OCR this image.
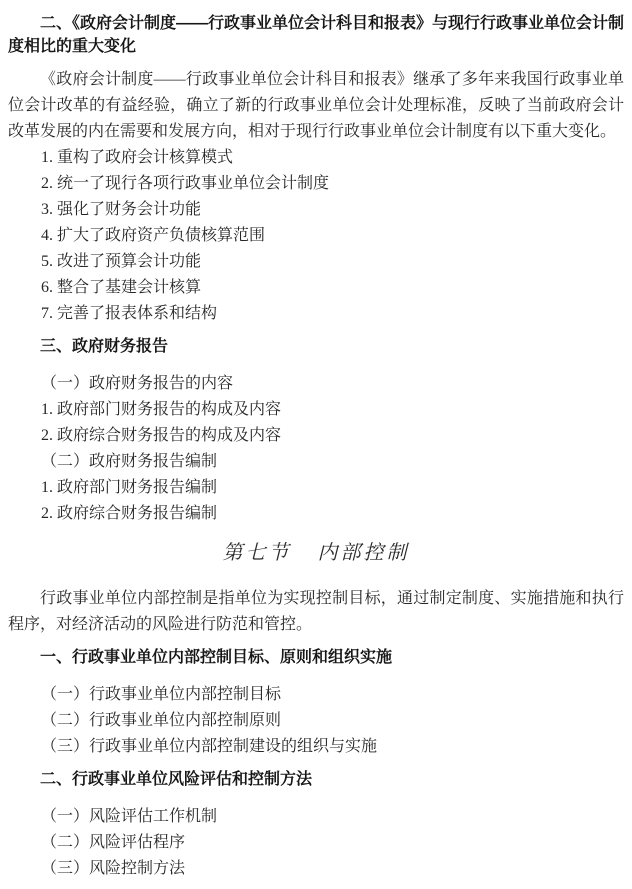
二、《政府会计制度——行政事业单位会计科目和报表》与现行行政事业单位会计制度相比的重大变化

《政府会计制度——行政事业单位会计科目和报表》继承了多年来我国行政事业单位会计改革的有益经验，确立了新的行政事业单位会计处理标准，反映了当前政府会计改革发展的内在需要和发展方向，相对于现行行政事业单位会计制度有以下重大变化。

1. 重构了政府会计核算模式
2. 统一了现行各项行政事业单位会计制度
3. 强化了财务会计功能
4. 扩大了政府资产负债核算范围
5. 改进了预算会计功能
6. 整合了基建会计核算
7. 完善了报表体系和结构
三、政府财务报告
（一）政府财务报告的内容
1. 政府部门财务报告的构成及内容
2. 政府综合财务报告的构成及内容
（二）政府财务报告编制
1. 政府部门财务报告编制
2. 政府综合财务报告编制
第七节 内部控制

行政事业单位内部控制是指单位为实现控制目标，通过制定制度、实施措施和执行程序，对经济活动的风险进行防范和管控。

一、行政事业单位内部控制目标、原则和组织实施
（一）行政事业单位内部控制目标
（二）行政事业单位内部控制原则
（三）行政事业单位内部控制建设的组织与实施
二、行政事业单位风险评估和控制方法
（一）风险评估工作机制
（二）风险评估程序
（三）风险控制方法
